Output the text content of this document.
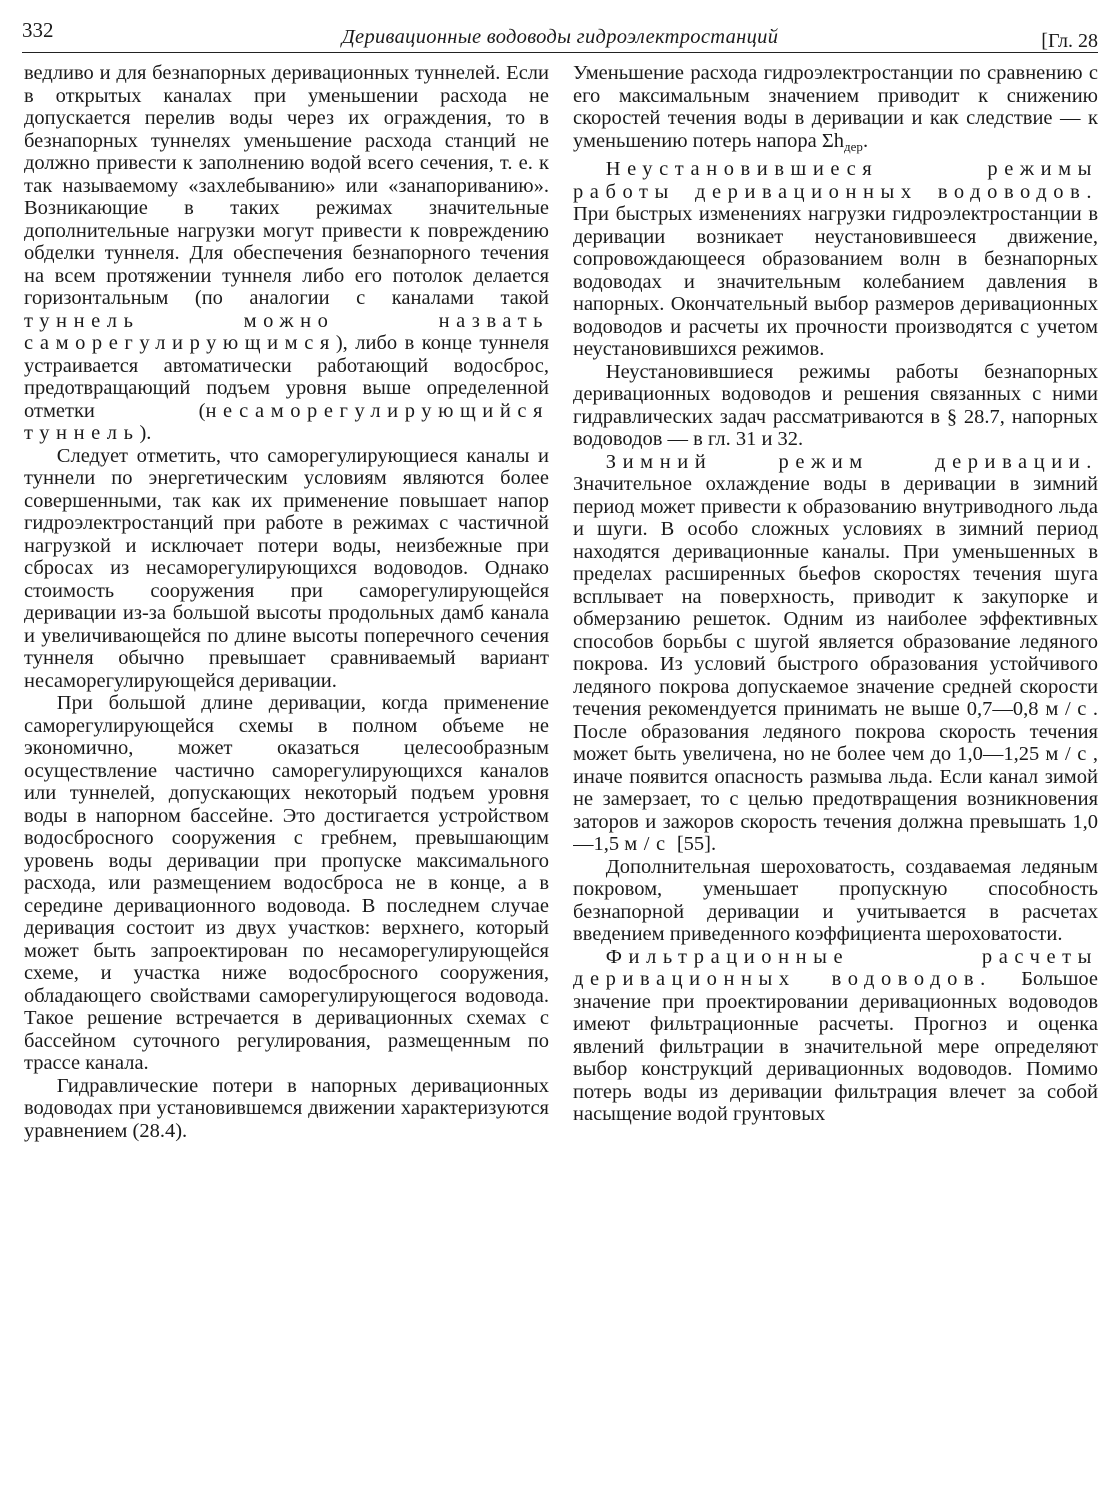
332	Деривационные водоводы гидроэлектростанций	[Гл. 28

ведливо и для безнапорных деривационных туннелей. Если в открытых каналах при уменьшении расхода не допускается перелив воды через их ограждения, то в безнапорных туннелях уменьшение расхода станций не должно привести к заполнению водой всего сечения, т. е. к так называемому «захлебыванию» или «занапориванию». Возникающие в таких режимах значительные дополнительные нагрузки могут привести к повреждению обделки туннеля. Для обеспечения безнапорного течения на всем протяжении туннеля либо его потолок делается горизонтальным (по аналогии с каналами такой туннель можно назвать саморегулирующимся), либо в конце туннеля устраивается автоматически работающий водосброс, предотвращающий подъем уровня выше определенной отметки (несаморегулирующийся туннель).

Следует отметить, что саморегулирующиеся каналы и туннели по энергетическим условиям являются более совершенными, так как их применение повышает напор гидроэлектростанций при работе в режимах с частичной нагрузкой и исключает потери воды, неизбежные при сбросах из несаморегулирующихся водоводов. Однако стоимость сооружения при саморегулирующейся деривации из-за большой высоты продольных дамб канала и увеличивающейся по длине высоты поперечного сечения туннеля обычно превышает сравниваемый вариант несаморегулирующейся деривации.

При большой длине деривации, когда применение саморегулирующейся схемы в полном объеме не экономично, может оказаться целесообразным осуществление частично саморегулирующихся каналов или туннелей, допускающих некоторый подъем уровня воды в напорном бассейне. Это достигается устройством водосбросного сооружения с гребнем, превышающим уровень воды деривации при пропуске максимального расхода, или размещением водосброса не в конце, а в середине деривационного водовода. В последнем случае деривация состоит из двух участков: верхнего, который может быть запроектирован по несаморегулирующейся схеме, и участка ниже водосбросного сооружения, обладающего свойствами саморегулирующегося водовода. Такое решение встречается в деривационных схемах с бассейном суточного регулирования, размещенным по трассе канала.

Гидравлические потери в напорных деривационных водоводах при установившемся движении характеризуются уравнением (28.4).

Уменьшение расхода гидроэлектростанции по сравнению с его максимальным значением приводит к снижению скоростей течения воды в деривации и как следствие — к уменьшению потерь напора $\Sigma h_{дер}$.

Неустановившиеся режимы работы деривационных водоводов. При быстрых изменениях нагрузки гидроэлектростанции в деривации возникает неустановившееся движение, сопровождающееся образованием волн в безнапорных водоводах и значительным колебанием давления в напорных. Окончательный выбор размеров деривационных водоводов и расчеты их прочности производятся с учетом неустановившихся режимов.

Неустановившиеся режимы работы безнапорных деривационных водоводов и решения связанных с ними гидравлических задач рассматриваются в § 28.7, напорных водоводов — в гл. 31 и 32.

Зимний режим деривации. Значительное охлаждение воды в деривации в зимний период может привести к образованию внутриводного льда и шуги. В особо сложных условиях в зимний период находятся деривационные каналы. При уменьшенных в пределах расширенных бьефов скоростях течения шуга всплывает на поверхность, приводит к закупорке и обмерзанию решеток. Одним из наиболее эффективных способов борьбы с шугой является образование ледяного покрова. Из условий быстрого образования устойчивого ледяного покрова допускаемое значение средней скорости течения рекомендуется принимать не выше 0,7—0,8 м/с. После образования ледяного покрова скорость течения может быть увеличена, но не более чем до 1,0—1,25 м/с, иначе появится опасность размыва льда. Если канал зимой не замерзает, то с целью предотвращения возникновения заторов и зажоров скорость течения должна превышать 1,0—1,5 м/с [55].

Дополнительная шероховатость, создаваемая ледяным покровом, уменьшает пропускную способность безнапорной деривации и учитывается в расчетах введением приведенного коэффициента шероховатости.

Фильтрационные расчеты деривационных водоводов. Большое значение при проектировании деривационных водоводов имеют фильтрационные расчеты. Прогноз и оценка явлений фильтрации в значительной мере определяют выбор конструкций деривационных водоводов. Помимо потерь воды из деривации фильтрация влечет за собой насыщение водой грунтовых
